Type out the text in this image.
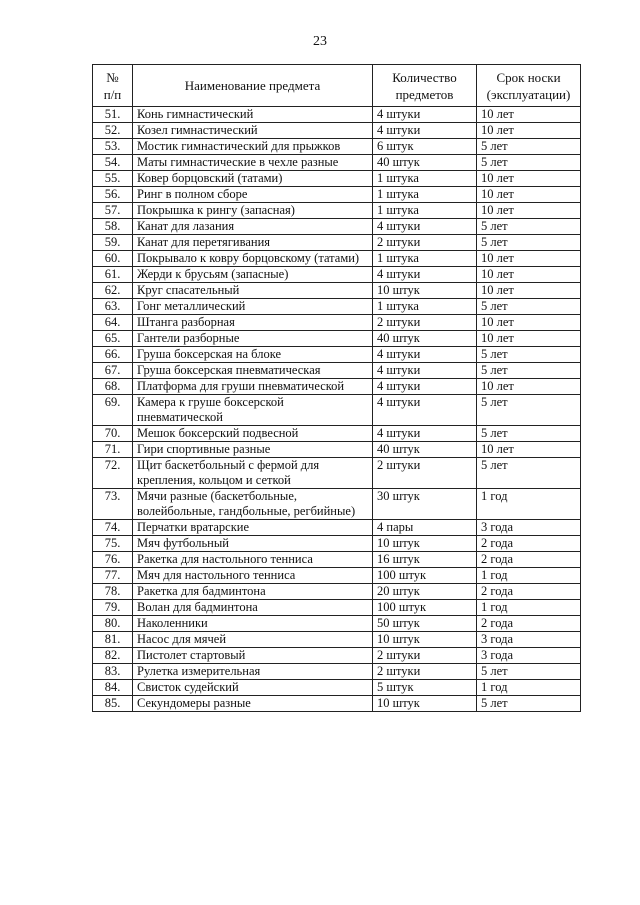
23
№
п/п	Наименование предмета	Количество предметов	Срок носки (эксплуатации)
51.	Конь гимнастический	4 штуки	10 лет
52.	Козел гимнастический	4 штуки	10 лет
53.	Мостик гимнастический для прыжков	6 штук	5 лет
54.	Маты гимнастические в чехле разные	40 штук	5 лет
55.	Ковер борцовский (татами)	1 штука	10 лет
56.	Ринг в полном сборе	1 штука	10 лет
57.	Покрышка к рингу (запасная)	1 штука	10 лет
58.	Канат для лазания	4 штуки	5 лет
59.	Канат для перетягивания	2 штуки	5 лет
60.	Покрывало к ковру борцовскому (татами)	1 штука	10 лет
61.	Жерди к брусьям (запасные)	4 штуки	10 лет
62.	Круг спасательный	10 штук	10 лет
63.	Гонг металлический	1 штука	5 лет
64.	Штанга разборная	2 штуки	10 лет
65.	Гантели разборные	40 штук	10 лет
66.	Груша боксерская на блоке	4 штуки	5 лет
67.	Груша боксерская пневматическая	4 штуки	5 лет
68.	Платформа для груши пневматической	4 штуки	10 лет
69.	Камера к груше боксерской пневматической	4 штуки	5 лет
70.	Мешок боксерский подвесной	4 штуки	5 лет
71.	Гири спортивные разные	40 штук	10 лет
72.	Щит баскетбольный с фермой для крепления, кольцом и сеткой	2 штуки	5 лет
73.	Мячи разные (баскетбольные, волейбольные, гандбольные, регбийные)	30 штук	1 год
74.	Перчатки вратарские	4 пары	3 года
75.	Мяч футбольный	10 штук	2 года
76.	Ракетка для настольного тенниса	16 штук	2 года
77.	Мяч для настольного тенниса	100 штук	1 год
78.	Ракетка для бадминтона	20 штук	2 года
79.	Волан для бадминтона	100 штук	1 год
80.	Наколенники	50 штук	2 года
81.	Насос для мячей	10 штук	3 года
82.	Пистолет стартовый	2 штуки	3 года
83.	Рулетка измерительная	2 штуки	5 лет
84.	Свисток судейский	5 штук	1 год
85.	Секундомеры разные	10 штук	5 лет
